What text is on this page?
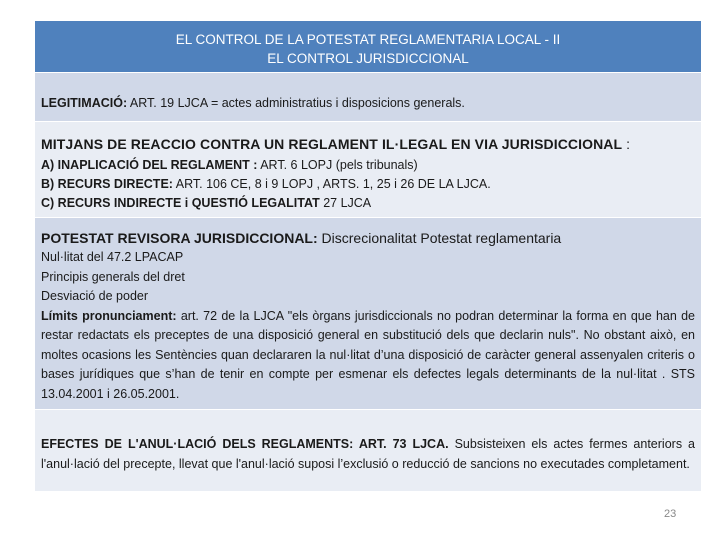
EL CONTROL DE LA POTESTAT REGLAMENTARIA LOCAL - II
EL CONTROL JURISDICCIONAL

LEGITIMACIÓ: ART. 19 LJCA = actes administratius i disposicions generals.

MITJANS DE REACCIO CONTRA UN REGLAMENT IL·LEGAL EN VIA JURISDICCIONAL :
A) INAPLICACIÓ DEL REGLAMENT : ART. 6 LOPJ (pels tribunals)
B) RECURS DIRECTE: ART. 106 CE, 8 i 9 LOPJ , ARTS. 1, 25 i 26 DE LA LJCA.
C) RECURS INDIRECTE i QUESTIÓ LEGALITAT 27 LJCA

POTESTAT REVISORA JURISDICCIONAL: Discrecionalitat Potestat reglamentaria
Nul·litat del 47.2 LPACAP
Principis generals del dret
Desviació de poder
Límits pronunciament: art. 72 de la LJCA "els òrgans jurisdiccionals no podran determinar la forma en que han de restar redactats els preceptes de una disposició general en substitució dels que declarin nuls". No obstant això, en moltes ocasions les Sentències quan declararen la nul·litat d’una disposició de caràcter general assenyalen criteris o bases jurídiques que s’han de tenir en compte per esmenar els defectes legals determinants de la nul·litat . STS 13.04.2001 i 26.05.2001.

EFECTES DE L'ANUL·LACIÓ DELS REGLAMENTS: ART. 73 LJCA. Subsisteixen els actes fermes anteriors a l'anul·lació del precepte, llevat que l'anul·lació suposi l’exclusió o reducció de sancions no executades completament.
23
